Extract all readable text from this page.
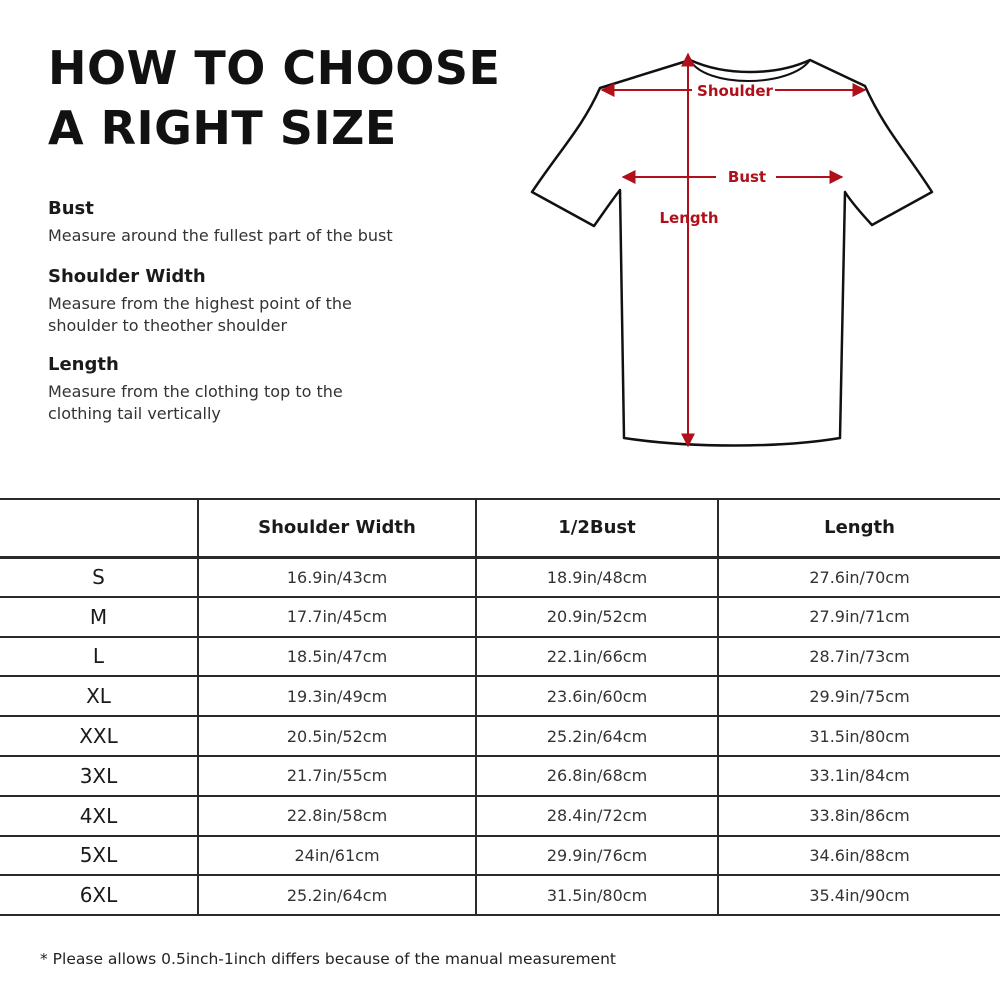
HOW TO CHOOSE
A RIGHT SIZE

Bust

Measure around the fullest part of the bust

Shoulder Width

Measure from the highest point of the
shoulder to theother shoulder

Length

Measure from the clothing top to the
clothing tail vertically

Shoulder
Bust
Length
	Shoulder Width	1/2Bust	Length
S	16.9in/43cm	18.9in/48cm	27.6in/70cm
M	17.7in/45cm	20.9in/52cm	27.9in/71cm
L	18.5in/47cm	22.1in/66cm	28.7in/73cm
XL	19.3in/49cm	23.6in/60cm	29.9in/75cm
XXL	20.5in/52cm	25.2in/64cm	31.5in/80cm
3XL	21.7in/55cm	26.8in/68cm	33.1in/84cm
4XL	22.8in/58cm	28.4in/72cm	33.8in/86cm
5XL	24in/61cm	29.9in/76cm	34.6in/88cm
6XL	25.2in/64cm	31.5in/80cm	35.4in/90cm

* Please allows 0.5inch-1inch differs because of the manual measurement
